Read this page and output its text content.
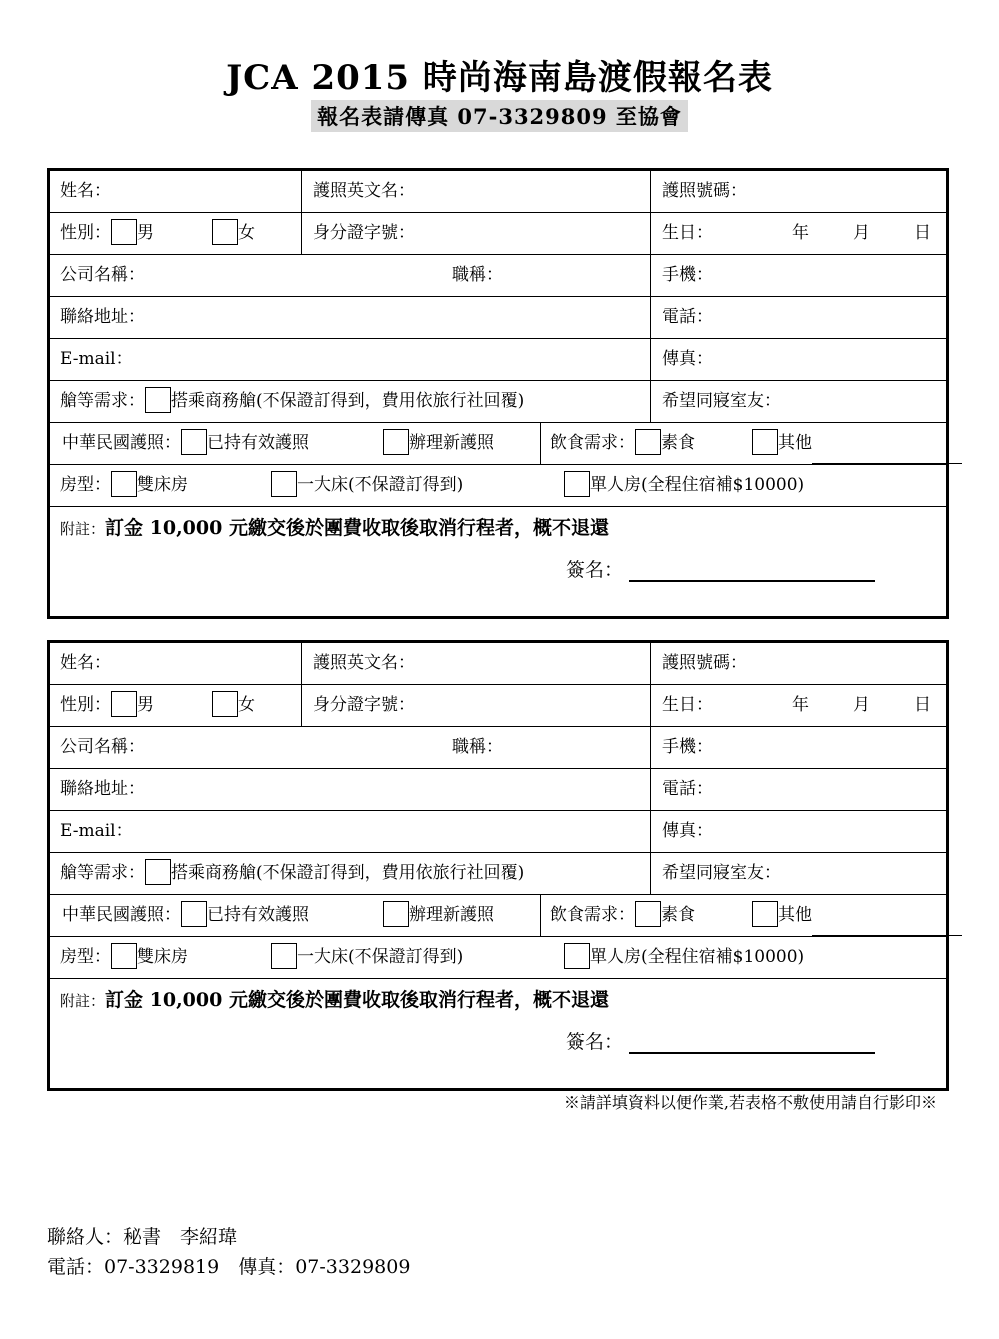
JCA 2015 時尚海南島渡假報名表
報名表請傳真 07-3329809 至協會
姓名：	護照英文名：	護照號碼：
性別： 男	女	身分證字號：	生日：	年	月	日
公司名稱：	職稱：	手機：
聯絡地址：	電話：
E-mail：	傳真：
艙等需求： 搭乘商務艙(不保證訂得到，費用依旅行社回覆)	希望同寢室友：
中華民國護照： 已持有效護照	辦理新護照	飲食需求： 素食	其他
房型： 雙床房	一大床(不保證訂得到)	單人房(全程住宿補$10000)
附註：訂金 10,000 元繳交後於團費收取後取消行程者，概不退還
簽名：
姓名：	護照英文名：	護照號碼：
性別： 男	女	身分證字號：	生日：	年	月	日
公司名稱：	職稱：	手機：
聯絡地址：	電話：
E-mail：	傳真：
艙等需求： 搭乘商務艙(不保證訂得到，費用依旅行社回覆)	希望同寢室友：
中華民國護照： 已持有效護照	辦理新護照	飲食需求： 素食	其他
房型： 雙床房	一大床(不保證訂得到)	單人房(全程住宿補$10000)
附註：訂金 10,000 元繳交後於團費收取後取消行程者，概不退還
簽名：
※請詳填資料以便作業,若表格不敷使用請自行影印※
聯絡人：秘書　李紹瑋
電話：07-3329819　傳真：07-3329809
